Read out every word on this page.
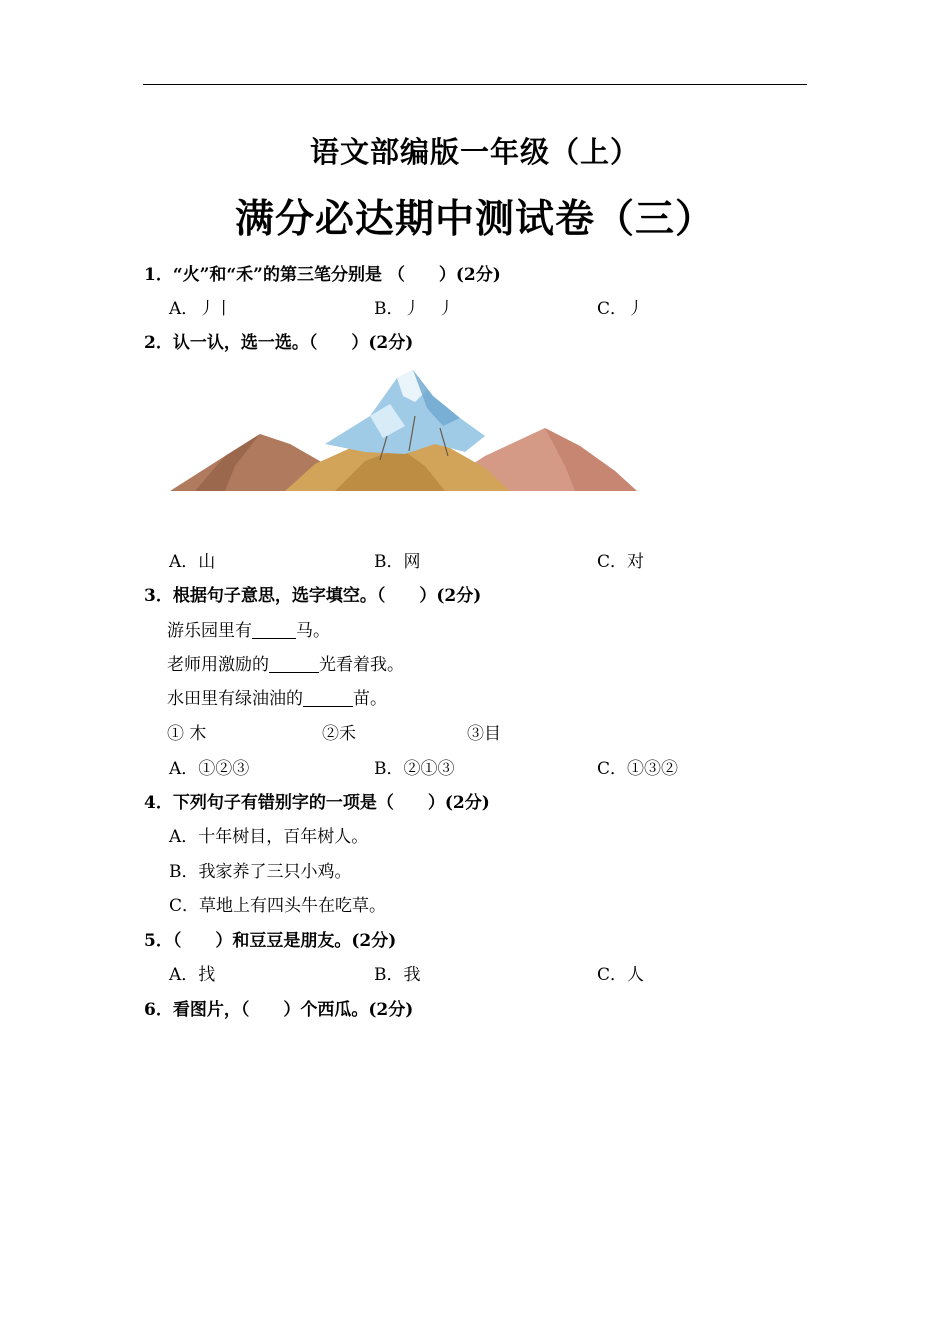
语文部编版一年级（上）
满分必达期中测试卷（三）
1．“火”和“禾”的第三笔分别是 （　　）(2分)
A．丿丨	B．丿　丿	C．丿
2．认一认，选一选。（　　）(2分)
A．山	B．网	C．对
3．根据句子意思，选字填空。（　　）(2分)
游乐园里有	马。
老师用激励的	光看着我。
水田里有绿油油的	苗。
① 木	②禾	③目
A．①②③	B．②①③	C．①③②
4．下列句子有错别字的一项是（　　）(2分)
A．十年树目，百年树人。
B．我家养了三只小鸡。
C．草地上有四头牛在吃草。
5．（　　）和豆豆是朋友。(2分)
A．找	B．我	C．人
6．看图片，（　　）个西瓜。(2分)
